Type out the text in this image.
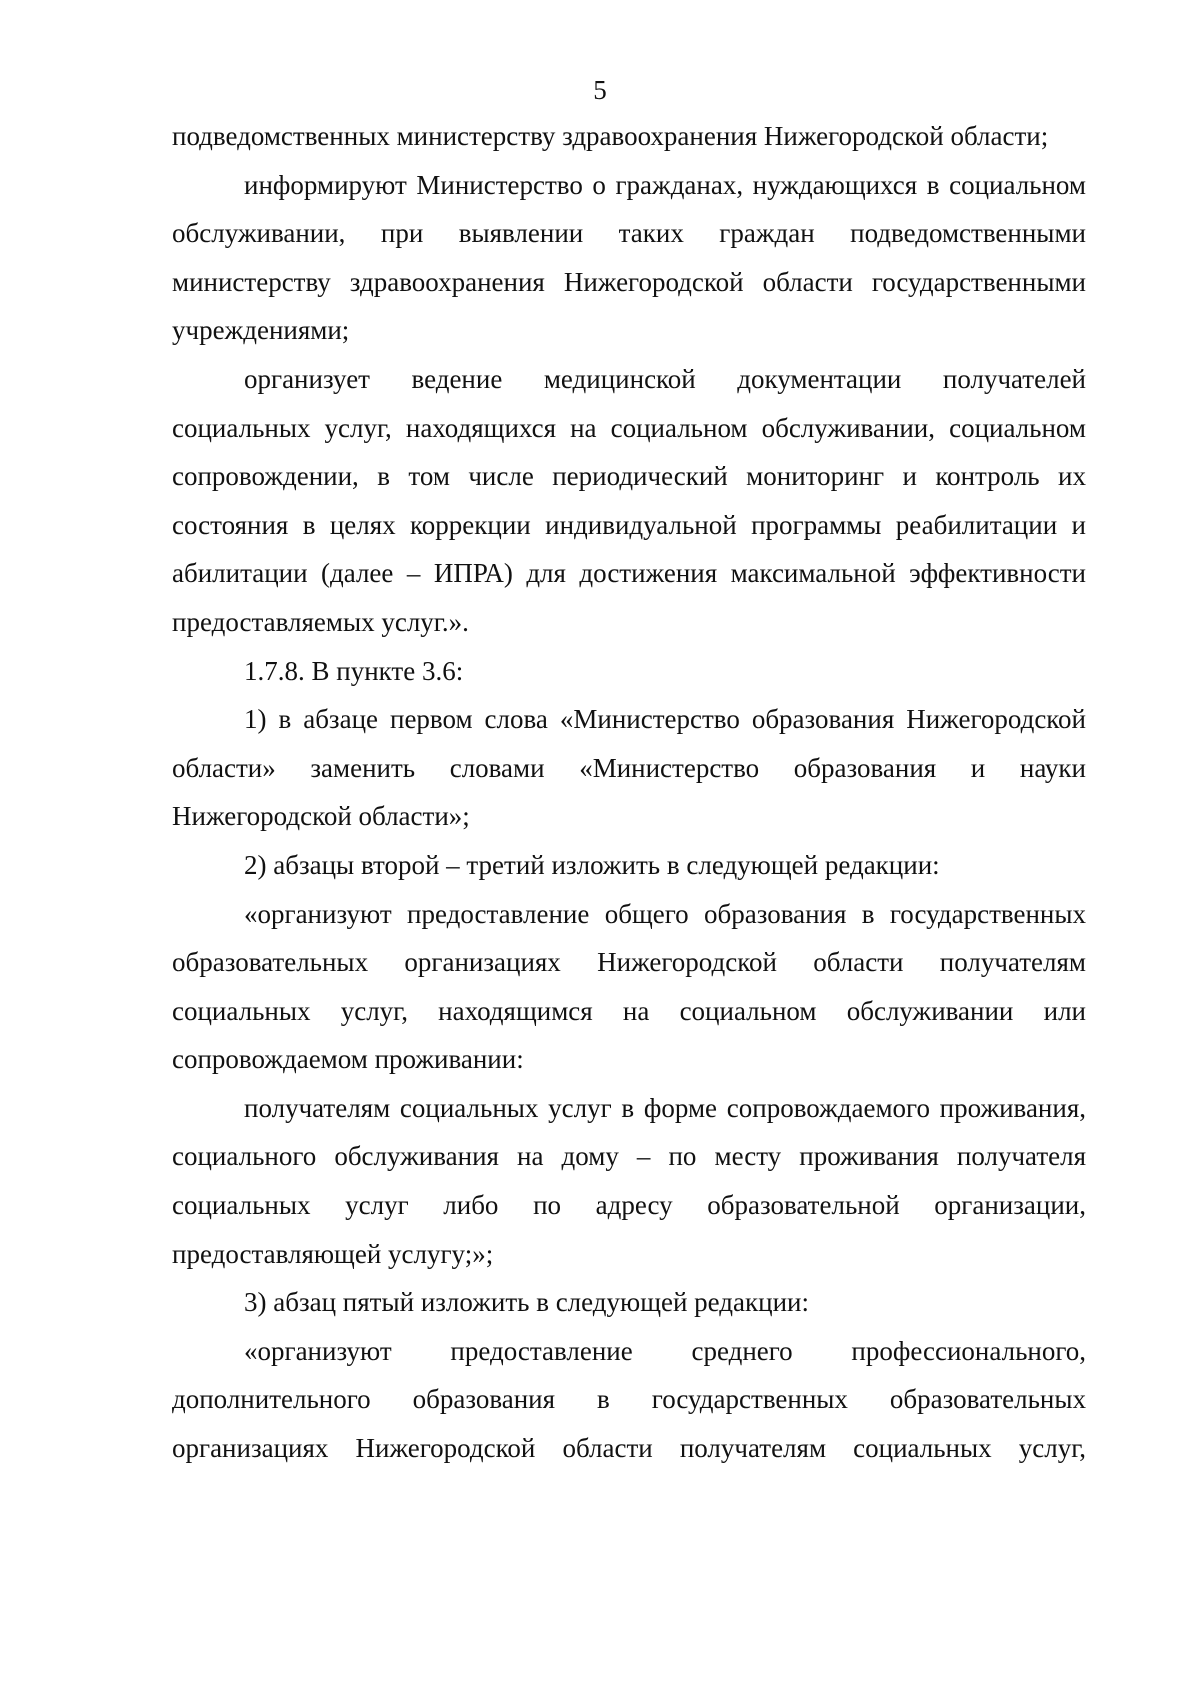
5

подведомственных министерству здравоохранения Нижегородской области;

информируют Министерство о гражданах, нуждающихся в социальном обслуживании, при выявлении таких граждан подведомственными министерству здравоохранения Нижегородской области государственными учреждениями;

организует ведение медицинской документации получателей социальных услуг, находящихся на социальном обслуживании, социальном сопровождении, в том числе периодический мониторинг и контроль их состояния в целях коррекции индивидуальной программы реабилитации и абилитации (далее – ИПРА) для достижения максимальной эффективности предоставляемых услуг.».

1.7.8. В пункте 3.6:

1) в абзаце первом слова «Министерство образования Нижегородской области» заменить словами «Министерство образования и науки Нижегородской области»;

2) абзацы второй – третий изложить в следующей редакции:

«организуют предоставление общего образования в государственных образовательных организациях Нижегородской области получателям социальных услуг, находящимся на социальном обслуживании или сопровождаемом проживании:

получателям социальных услуг в форме сопровождаемого проживания, социального обслуживания на дому – по месту проживания получателя социальных услуг либо по адресу образовательной организации, предоставляющей услугу;»;

3) абзац пятый изложить в следующей редакции:

«организуют предоставление среднего профессионального, дополнительного образования в государственных образовательных организациях Нижегородской области получателям социальных услуг,
